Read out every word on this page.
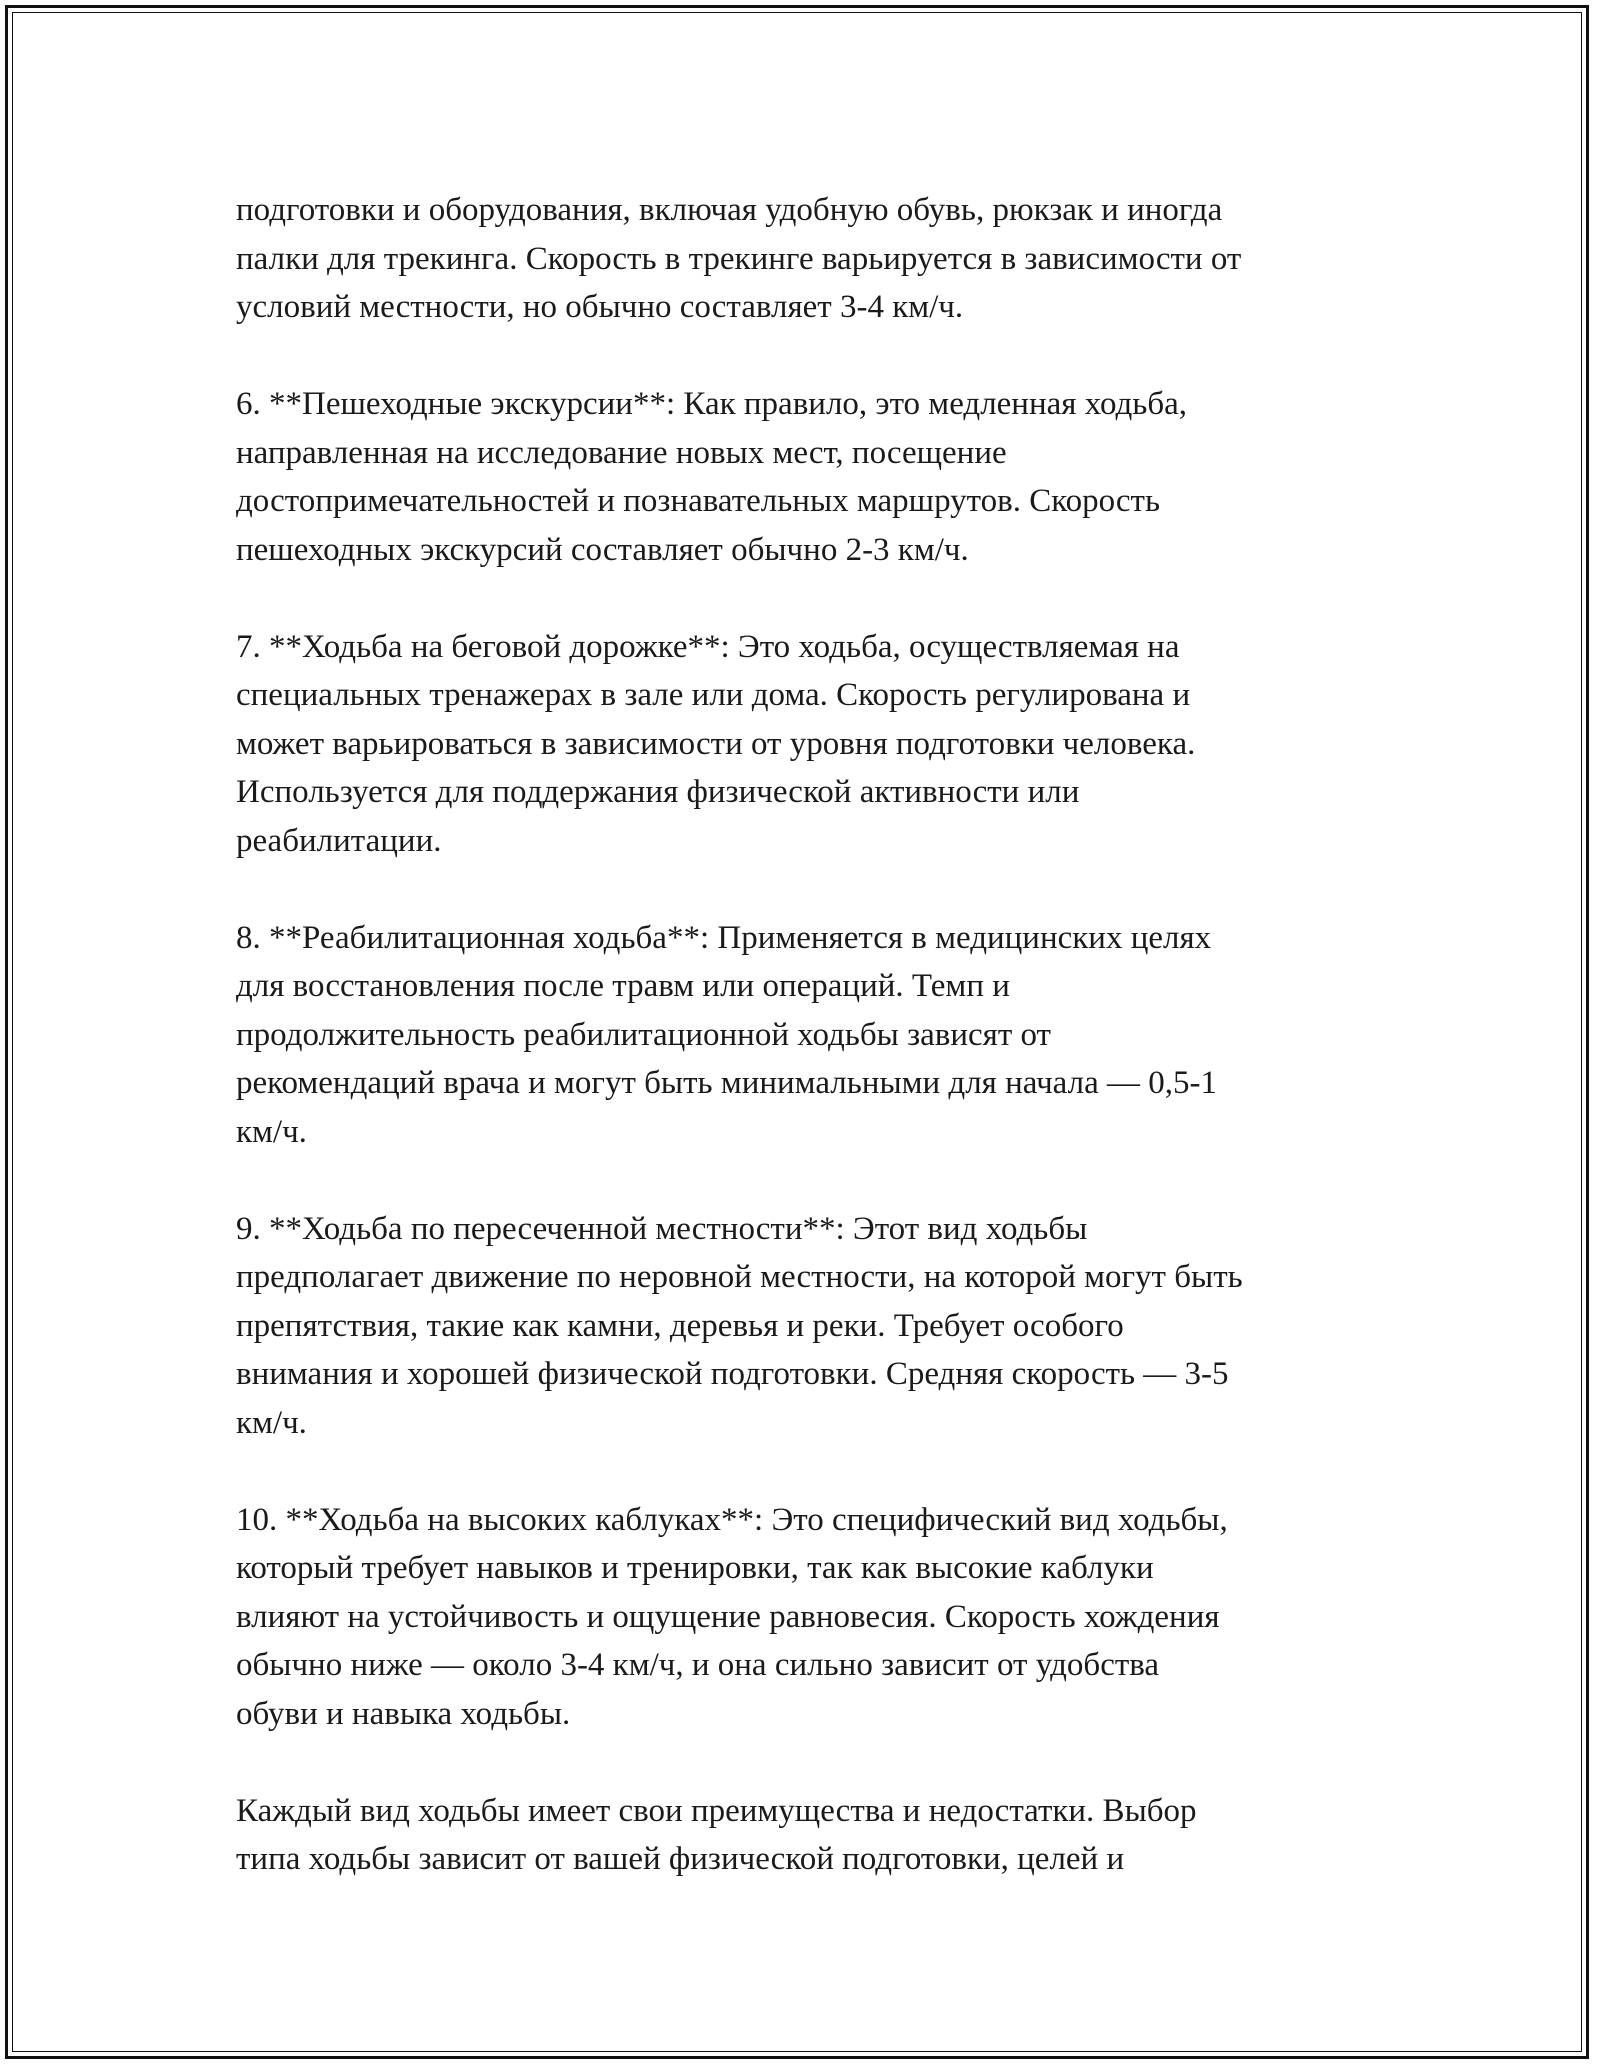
подготовки и оборудования, включая удобную обувь, рюкзак и иногда
палки для трекинга. Скорость в трекинге варьируется в зависимости от
условий местности, но обычно составляет 3-4 км/ч.

6. **Пешеходные экскурсии**: Как правило, это медленная ходьба,
направленная на исследование новых мест, посещение
достопримечательностей и познавательных маршрутов. Скорость
пешеходных экскурсий составляет обычно 2-3 км/ч.

7. **Ходьба на беговой дорожке**: Это ходьба, осуществляемая на
специальных тренажерах в зале или дома. Скорость регулирована и
может варьироваться в зависимости от уровня подготовки человека.
Используется для поддержания физической активности или
реабилитации.

8. **Реабилитационная ходьба**: Применяется в медицинских целях
для восстановления после травм или операций. Темп и
продолжительность реабилитационной ходьбы зависят от
рекомендаций врача и могут быть минимальными для начала — 0,5-1
км/ч.

9. **Ходьба по пересеченной местности**: Этот вид ходьбы
предполагает движение по неровной местности, на которой могут быть
препятствия, такие как камни, деревья и реки. Требует особого
внимания и хорошей физической подготовки. Средняя скорость — 3-5
км/ч.

10. **Ходьба на высоких каблуках**: Это специфический вид ходьбы,
который требует навыков и тренировки, так как высокие каблуки
влияют на устойчивость и ощущение равновесия. Скорость хождения
обычно ниже — около 3-4 км/ч, и она сильно зависит от удобства
обуви и навыка ходьбы.

Каждый вид ходьбы имеет свои преимущества и недостатки. Выбор
типа ходьбы зависит от вашей физической подготовки, целей и
